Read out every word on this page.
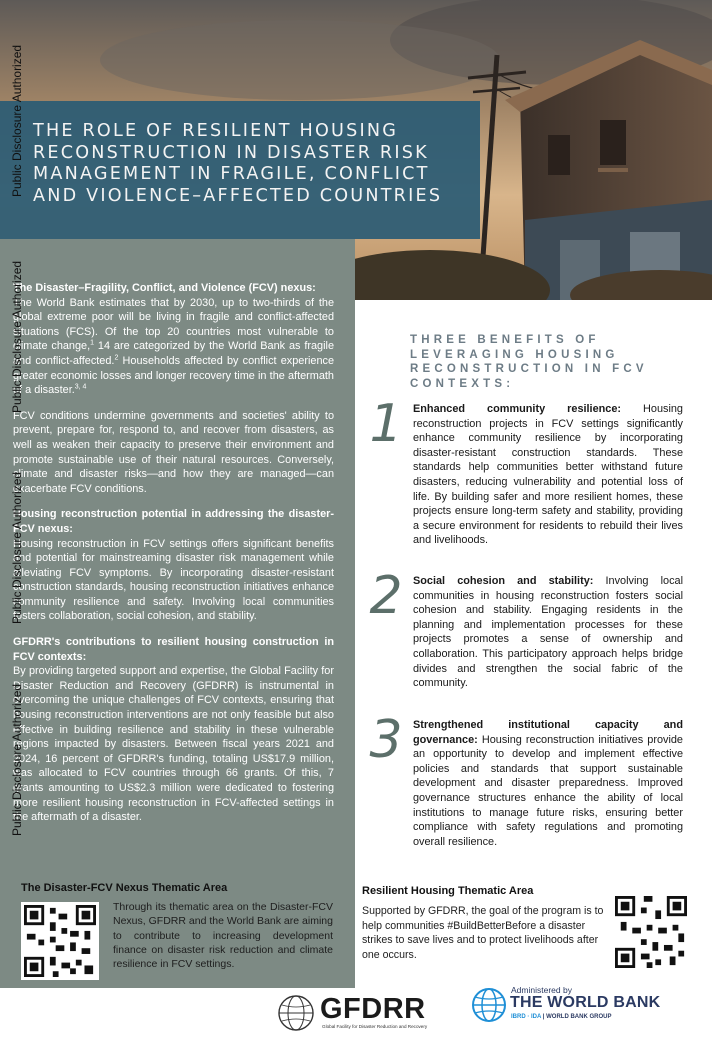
THE ROLE OF RESILIENT HOUSING RECONSTRUCTION IN DISASTER RISK MANAGEMENT IN FRAGILE, CONFLICT AND VIOLENCE–AFFECTED COUNTRIES

The Disaster–Fragility, Conflict, and Violence (FCV) nexus:
The World Bank estimates that by 2030, up to two-thirds of the global extreme poor will be living in fragile and conflict-affected situations (FCS). Of the top 20 countries most vulnerable to climate change,$^1$ 14 are categorized by the World Bank as fragile and conflict-affected.$^2$ Households affected by conflict experience greater economic losses and longer recovery time in the aftermath of a disaster.$^{3, 4}$

FCV conditions undermine governments and societies' ability to prevent, prepare for, respond to, and recover from disasters, as well as weaken their capacity to preserve their environment and promote sustainable use of their natural resources. Conversely, climate and disaster risks—and how they are managed—can exacerbate FCV conditions.

Housing reconstruction potential in addressing the disaster-FCV nexus:
Housing reconstruction in FCV settings offers significant benefits and potential for mainstreaming disaster risk management while alleviating FCV symptoms. By incorporating disaster-resistant construction standards, housing reconstruction initiatives enhance community resilience and safety. Involving local communities fosters collaboration, social cohesion, and stability.

GFDRR's contributions to resilient housing construction in FCV contexts:
By providing targeted support and expertise, the Global Facility for Disaster Reduction and Recovery (GFDRR) is instrumental in overcoming the unique challenges of FCV contexts, ensuring that housing reconstruction interventions are not only feasible but also effective in building resilience and stability in these vulnerable regions impacted by disasters. Between fiscal years 2021 and 2024, 16 percent of GFDRR's funding, totaling US$17.9 million, was allocated to FCV countries through 66 grants. Of this, 7 grants amounting to US$2.3 million were dedicated to fostering more resilient housing reconstruction in FCV-affected settings in the aftermath of a disaster.

The Disaster-FCV Nexus Thematic Area
Through its thematic area on the Disaster-FCV Nexus, GFDRR and the World Bank are aiming to contribute to increasing development finance on disaster risk reduction and climate resilience in FCV settings.
Public Disclosure Authorized
Public Disclosure Authorized
Public Disclosure Authorized
Public Disclosure Authorized
THREE BENEFITS OF LEVERAGING HOUSING RECONSTRUCTION IN FCV CONTEXTS:
1 Enhanced community resilience: Housing reconstruction projects in FCV settings significantly enhance community resilience by incorporating disaster-resistant construction standards. These standards help communities better withstand future disasters, reducing vulnerability and potential loss of life. By building safer and more resilient homes, these projects ensure long-term safety and stability, providing a secure environment for residents to rebuild their lives and livelihoods.

2 Social cohesion and stability: Involving local communities in housing reconstruction fosters social cohesion and stability. Engaging residents in the planning and implementation processes for these projects promotes a sense of ownership and collaboration. This participatory approach helps bridge divides and strengthen the social fabric of the community.

3 Strengthened institutional capacity and governance: Housing reconstruction initiatives provide an opportunity to develop and implement effective policies and standards that support sustainable development and disaster preparedness. Improved governance structures enhance the ability of local institutions to manage future risks, ensuring better compliance with safety regulations and promoting overall resilience.

Resilient Housing Thematic Area
Supported by GFDRR, the goal of the program is to help communities #BuildBetterBefore a disaster strikes to save lives and to protect livelihoods after one occurs.
GFDRR
Global Facility for Disaster Reduction and Recovery
Administered by
THE WORLD BANK
IBRD · IDA | WORLD BANK GROUP
